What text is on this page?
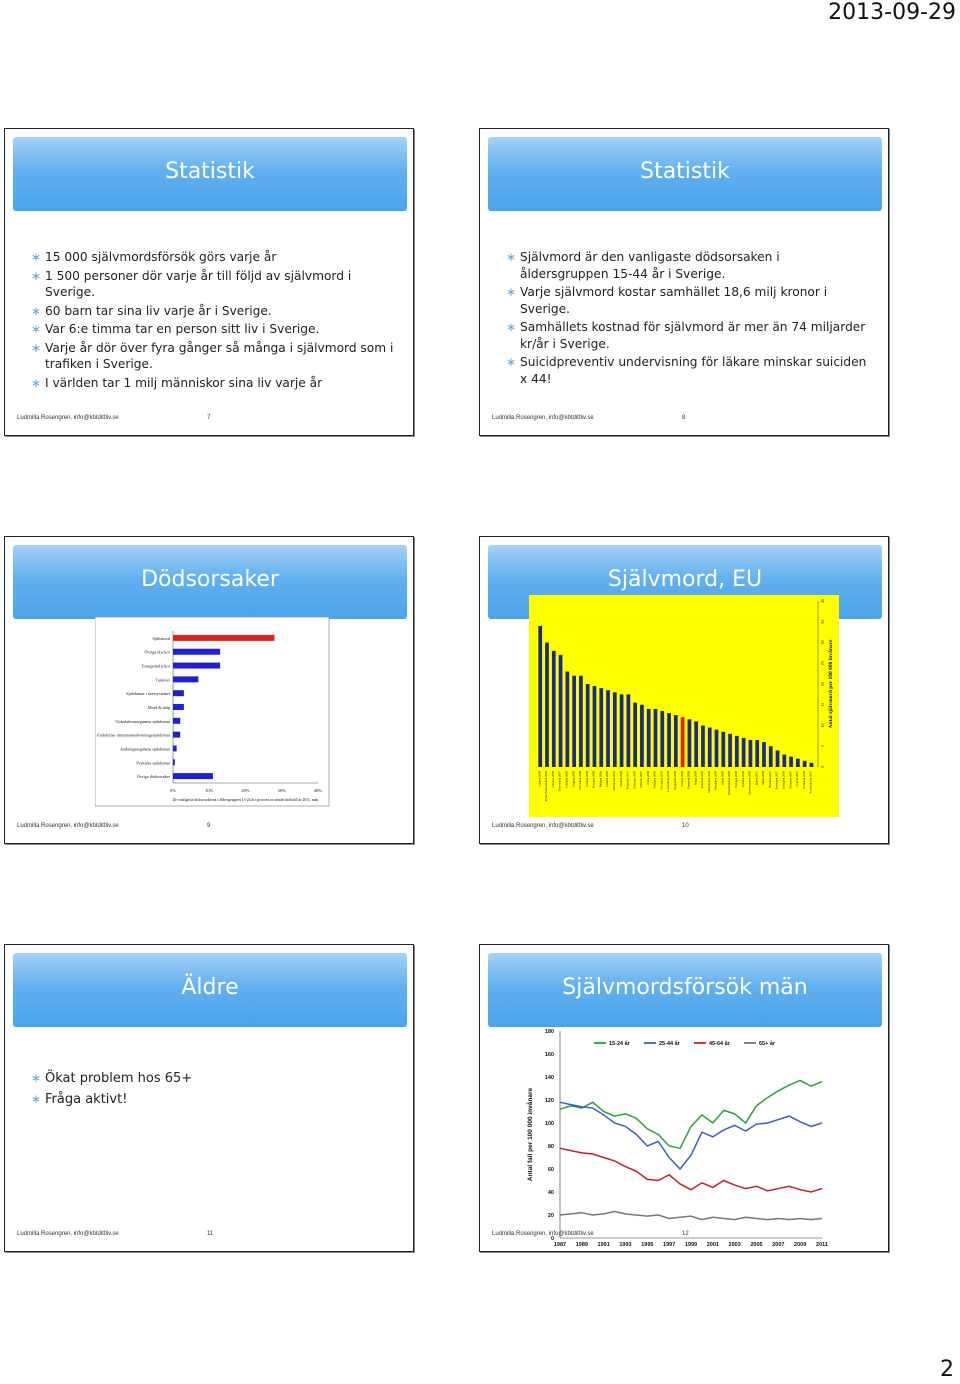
2013-09-29
Statistik
∗ 15 000 självmordsförsök görs varje år
∗ 1 500 personer dör varje år till följd av självmord i Sverige.
∗ 60 barn tar sina liv varje år i Sverige.
∗ Var 6:e timma tar en person sitt liv i Sverige.
∗ Varje år dör över fyra gånger så många i självmord som i trafiken i Sverige.
∗ I världen tar 1 milj människor sina liv varje år
Ludmilla Rosengren, info@kbtdittliv.se	7
Statistik
∗ Självmord är den vanligaste dödsorsaken i åldersgruppen 15-44 år i Sverige.
∗ Varje självmord kostar samhället 18,6 milj kronor i Sverige.
∗ Samhällets kostnad för självmord är mer än 74 miljarder kr/år i Sverige.
∗ Suicidpreventiv undervisning för läkare minskar suiciden x 44!
Ludmilla Rosengren, info@kbtdittliv.se	8
Dödsorsaker
Självmord
Övriga olyckor
Transportolyckor
Tumörer
Sjukdomar i nervsystemet
Mord & dråp
Cirkulationsorganens sjukdomar
Endokrina- immunomedvetningssjukdomar
Andningsorganens sjukdomar
Psykiska sjukdomar
Övriga dödsorsaker
0%	10%	20%	30%	40%
De vanligaste dödsorsakerna i åldersgruppen 15-24 år i procent av antalet dödsfall år 2011, män
Ludmilla Rosengren, info@kbtdittliv.se	9
Självmord, EU
Litauen 2008 Ryska Federationen 2006 Ukraina 2009 Vitryssland 2007 Lettland 2009 Ungern 2009 Slovenien 2009 Estland 2008 Kroatien 2009 Belgien 2006 Finland 2009 Moldavien 2010 Serbien 2009 Frankrike 2007 Österrike 2009 Schweiz 2007 Polen 2008 Tjeckien 2009 Slovakien 2005 Luxemburg 2008 Bulgarien 2009 Sverige 2009 Danmark 2006 Norge 2009 Tyskland 2006 Makedonien 2006 Rumänien 2009 Irland 2009 Nederländerna 2009 Portugal 2008 Spanien 2008 Storbritannien 2009 Italien 2007 Malta 2008 Bosnien 2007 Armenien 2007 Georgien 2009 Albanien 2007 Cypern 2007 Grekland 2009 Azerbajdzjan 2007
0
5
10
15
20
25
30
35
40
Antal självmord per 100 000 invånare
Ludmilla Rosengren, info@kbtdittliv.se	10
Äldre
∗ Ökat problem hos 65+
∗ Fråga aktivt!
Ludmilla Rosengren, info@kbtdittliv.se	11
Självmordsförsök män
180
160
140
120
100
80
60
40
20
0
1987 1989 1991 1993 1995 1997 1999 2001 2003 2005 2007 2009 2011
Antal fall per 100 000 invånare
15-24 år	25-44 år	45-64 år	65+ år
Ludmilla Rosengren, info@kbtdittliv.se	12
2
